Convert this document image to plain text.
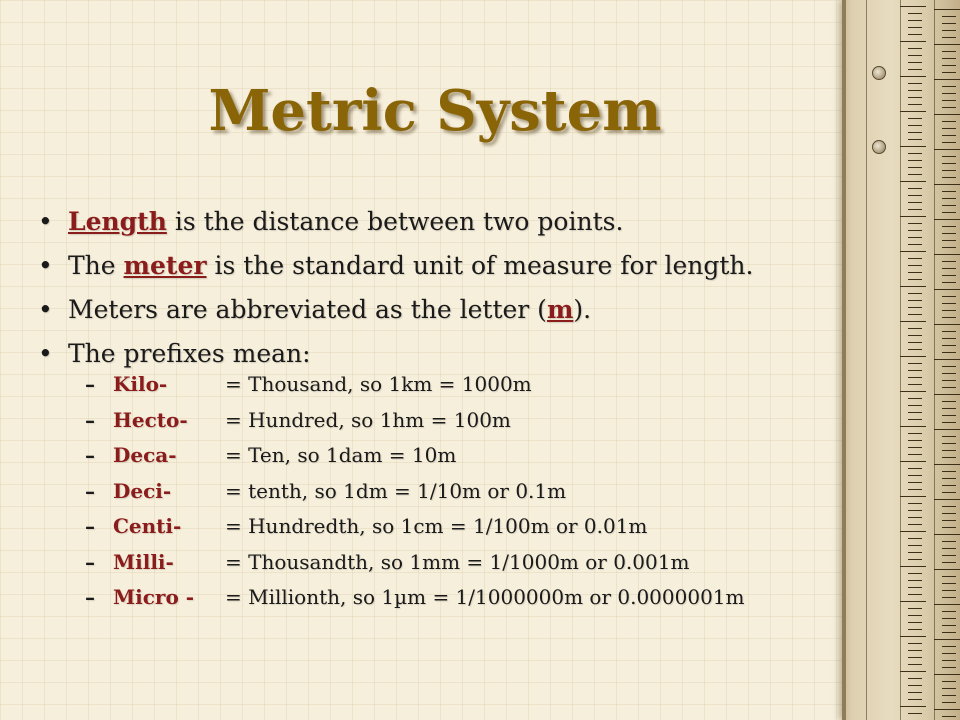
Metric System
• Length is the distance between two points.
• The meter is the standard unit of measure for length.
• Meters are abbreviated as the letter (m).
• The prefixes mean:
– Kilo-	= Thousand, so 1km = 1000m
– Hecto- = Hundred, so 1hm = 100m
– Deca- = Ten, so 1dam = 10m
– Deci-	= tenth, so 1dm = 1/10m or 0.1m
– Centi- = Hundredth, so 1cm = 1/100m or 0.01m
– Milli-	= Thousandth, so 1mm = 1/1000m or 0.001m
– Micro - = Millionth, so 1µm = 1/1000000m or 0.0000001m
